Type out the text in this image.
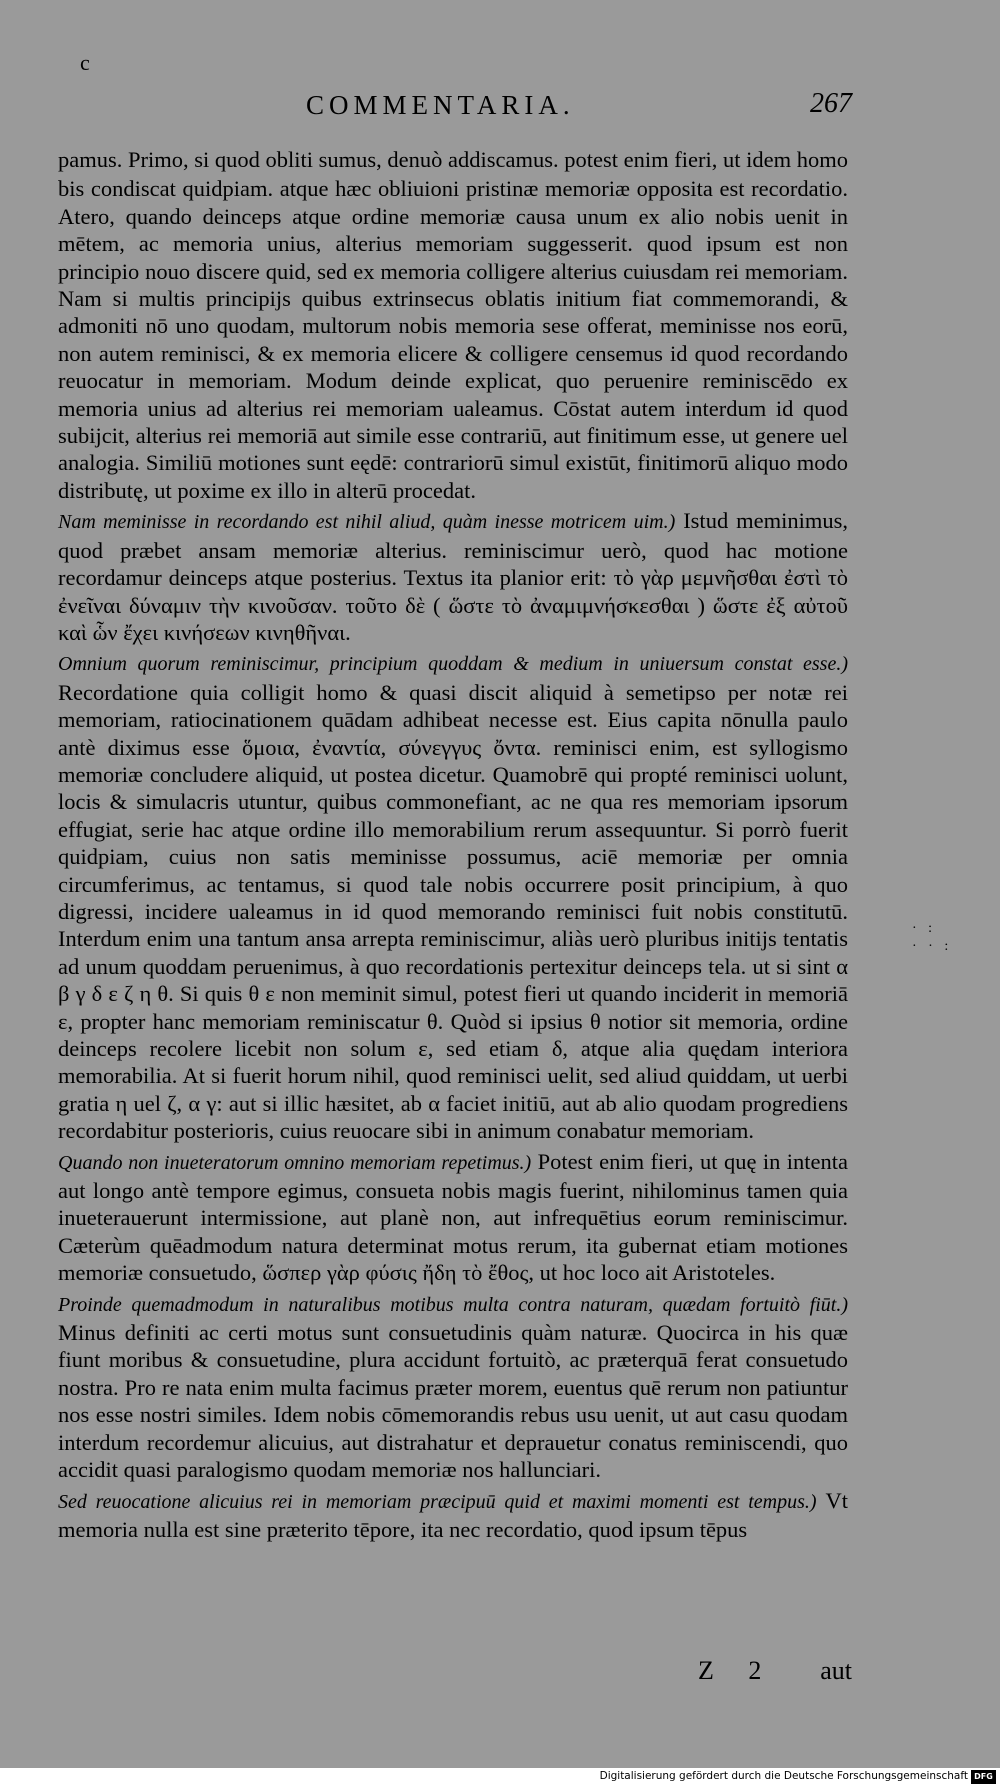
c
COMMENTARIA.	267

pamus. Primo, si quod obliti sumus, denuò addiscamus. potest enim fieri, ut idem homo bis condiscat quidpiam. atque hæc obliuioni pristinæ memoriæ opposita est recordatio. Atero, quando deinceps atque ordine memoriæ causa unum ex alio nobis uenit in mētem, ac memoria unius, alterius memoriam suggesserit. quod ipsum est non principio nouo discere quid, sed ex memoria colligere alterius cuiusdam rei memoriam. Nam si multis principijs quibus extrinsecus oblatis initium fiat commemorandi, & admoniti nō uno quodam, multorum nobis memoria sese offerat, meminisse nos eorū, non autem reminisci, & ex memoria elicere & colligere censemus id quod recordando reuocatur in memoriam. Modum deinde explicat, quo peruenire reminiscēdo ex memoria unius ad alterius rei memoriam ualeamus. Cōstat autem interdum id quod subijcit, alterius rei memoriā aut simile esse contrariū, aut finitimum esse, ut genere uel analogia. Similiū motiones sunt eędē: contrariorū simul existūt, finitimorū aliquo modo distributę, ut poxime ex illo in alterū procedat.

Nam meminisse in recordando est nihil aliud, quàm inesse motricem uim.) Istud meminimus, quod præbet ansam memoriæ alterius. reminiscimur uerò, quod hac motione recordamur deinceps atque posterius. Textus ita planior erit: τὸ γὰρ μεμνῆσθαι ἐστὶ τὸ ἐνεῖναι δύναμιν τὴν κινοῦσαν. τοῦτο δὲ ( ὥστε τὸ ἀναμιμνήσκεσθαι ) ὥστε ἐξ αὐτοῦ καὶ ὧν ἔχει κινήσεων κινηθῆναι.

Omnium quorum reminiscimur, principium quoddam & medium in uniuersum constat esse.) Recordatione quia colligit homo & quasi discit aliquid à semetipso per notæ rei memoriam, ratiocinationem quādam adhibeat necesse est. Eius capita nōnulla paulo antè diximus esse ὅμοια, ἐναντία, σύνεγγυς ὄντα. reminisci enim, est syllogismo memoriæ concludere aliquid, ut postea dicetur. Quamobrē qui propté reminisci uolunt, locis & simulacris utuntur, quibus commonefiant, ac ne qua res memoriam ipsorum effugiat, serie hac atque ordine illo memorabilium rerum assequuntur. Si porrò fuerit quidpiam, cuius non satis meminisse possumus, aciē memoriæ per omnia circumferimus, ac tentamus, si quod tale nobis occurrere posit principium, à quo digressi, incidere ualeamus in id quod memorando reminisci fuit nobis constitutū. Interdum enim una tantum ansa arrepta reminiscimur, aliàs uerò pluribus initijs tentatis ad unum quoddam peruenimus, à quo recordationis pertexitur deinceps tela. ut si sint α β γ δ ε ζ η θ. Si quis θ ε non meminit simul, potest fieri ut quando inciderit in memoriā ε, propter hanc memoriam reminiscatur θ. Quòd si ipsius θ notior sit memoria, ordine deinceps recolere licebit non solum ε, sed etiam δ, atque alia quędam interiora memorabilia. At si fuerit horum nihil, quod reminisci uelit, sed aliud quiddam, ut uerbi gratia η uel ζ, α γ: aut si illic hæsitet, ab α faciet initiū, aut ab alio quodam progrediens recordabitur posterioris, cuius reuocare sibi in animum conabatur memoriam.

Quando non inueteratorum omnino memoriam repetimus.) Potest enim fieri, ut quę in intenta aut longo antè tempore egimus, consueta nobis magis fuerint, nihilominus tamen quia inueterauerunt intermissione, aut planè non, aut infrequētius eorum reminiscimur. Cæterùm quēadmodum natura determinat motus rerum, ita gubernat etiam motiones memoriæ consuetudo, ὥσπερ γὰρ φύσις ἤδη τὸ ἔθος, ut hoc loco ait Aristoteles.

Proinde quemadmodum in naturalibus motibus multa contra naturam, quædam fortuitò fiūt.) Minus definiti ac certi motus sunt consuetudinis quàm naturæ. Quocirca in his quæ fiunt moribus & consuetudine, plura accidunt fortuitò, ac præterquā ferat consuetudo nostra. Pro re nata enim multa facimus præter morem, euentus quē rerum non patiuntur nos esse nostri similes. Idem nobis cōmemorandis rebus usu uenit, ut aut casu quodam interdum recordemur alicuius, aut distrahatur et deprauetur conatus reminiscendi, quo accidit quasi paralogismo quodam memoriæ nos hallunciari.

Sed reuocatione alicuius rei in memoriam præcipuū quid et maximi momenti est tempus.) Vt memoria nulla est sine præterito tēpore, ita nec recordatio, quod ipsum tēpus

· :
· · :
Z 2 aut
Digitalisierung gefördert durch die Deutsche Forschungsgemeinschaft DFG
